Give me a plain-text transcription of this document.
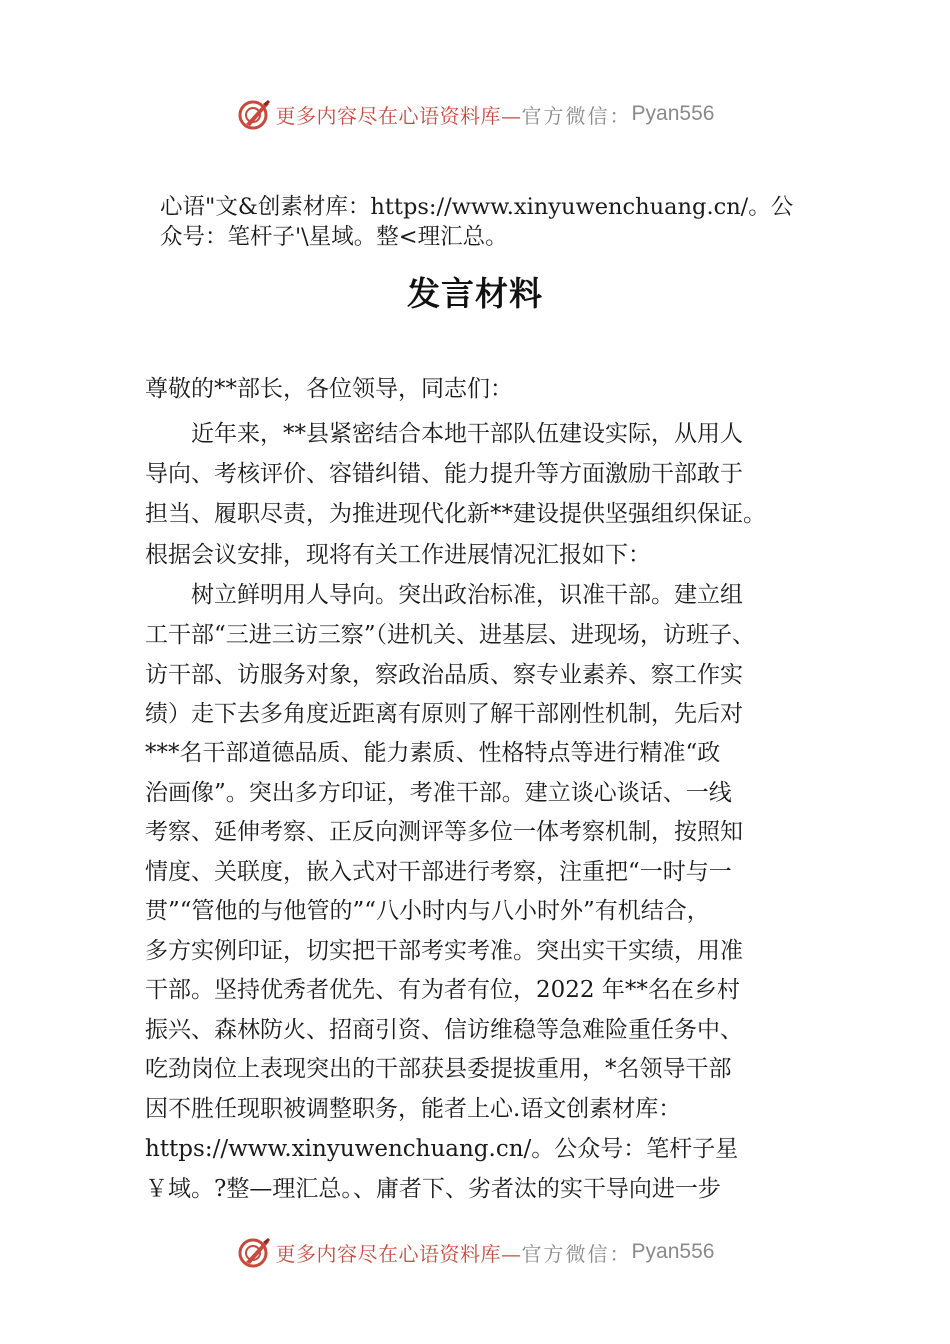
更多内容尽在心语资料库— 官方微信： Pyan556
心语"文&创素材库：https://www.xinyuwenchuang.cn/。公
众号：笔杆子'\星域。整<理汇总。
发言材料
尊敬的**部长，各位领导，同志们：
　　近年来，**县紧密结合本地干部队伍建设实际，从用人
导向、考核评价、容错纠错、能力提升等方面激励干部敢于
担当、履职尽责，为推进现代化新**建设提供坚强组织保证。
根据会议安排，现将有关工作进展情况汇报如下：
　　树立鲜明用人导向。突出政治标准，识准干部。建立组
工干部“三进三访三察”（进机关、进基层、进现场，访班子、
访干部、访服务对象，察政治品质、察专业素养、察工作实
绩）走下去多角度近距离有原则了解干部刚性机制，先后对
***名干部道德品质、能力素质、性格特点等进行精准“政
治画像”。突出多方印证，考准干部。建立谈心谈话、一线
考察、延伸考察、正反向测评等多位一体考察机制，按照知
情度、关联度，嵌入式对干部进行考察，注重把“一时与一
贯”“管他的与他管的”“八小时内与八小时外”有机结合，
多方实例印证，切实把干部考实考准。突出实干实绩，用准
干部。坚持优秀者优先、有为者有位，2022 年**名在乡村
振兴、森林防火、招商引资、信访维稳等急难险重任务中、
吃劲岗位上表现突出的干部获县委提拔重用，*名领导干部
因不胜任现职被调整职务，能者上心.语文创素材库：
https://www.xinyuwenchuang.cn/。公众号：笔杆子星
￥域。?整—理汇总。、庸者下、劣者汰的实干导向进一步
更多内容尽在心语资料库— 官方微信： Pyan556
